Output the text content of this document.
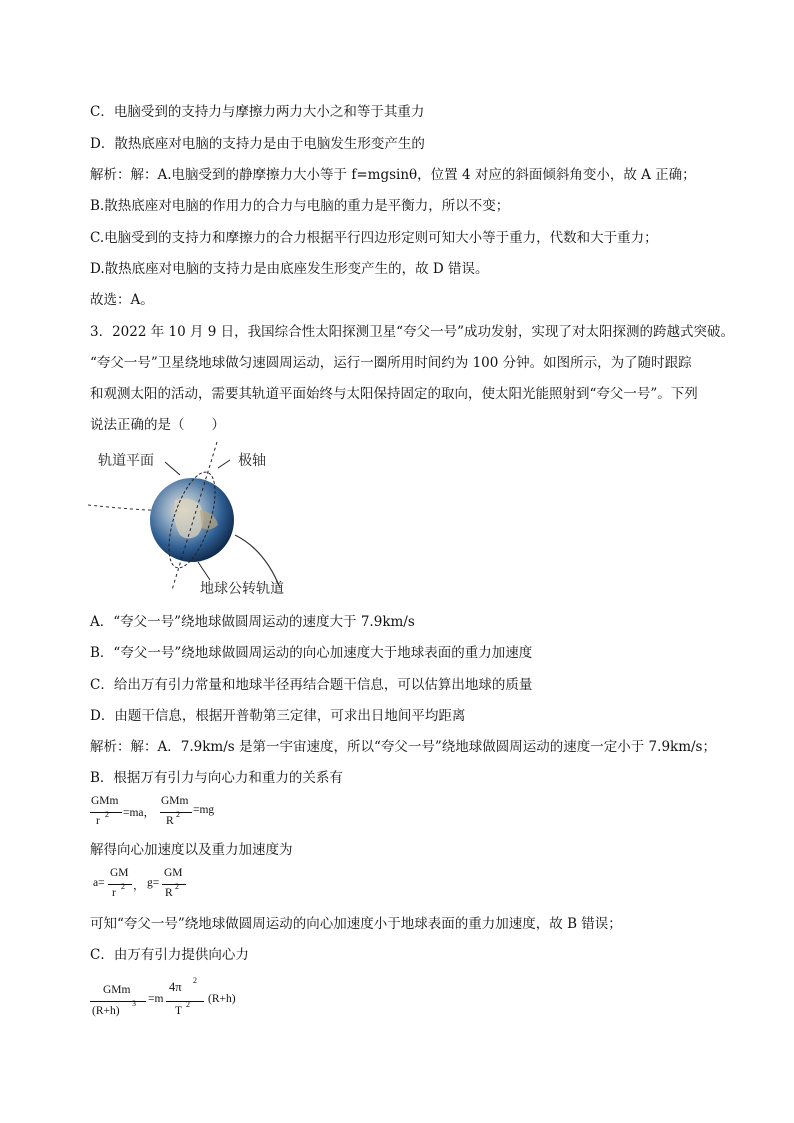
C．电脑受到的支持力与摩擦力两力大小之和等于其重力
D．散热底座对电脑的支持力是由于电脑发生形变产生的
解析：解：A.电脑受到的静摩擦力大小等于 f=mgsinθ，位置 4 对应的斜面倾斜角变小，故 A 正确；
B.散热底座对电脑的作用力的合力与电脑的重力是平衡力，所以不变；
C.电脑受到的支持力和摩擦力的合力根据平行四边形定则可知大小等于重力，代数和大于重力；
D.散热底座对电脑的支持力是由底座发生形变产生的，故 D 错误。
故选：A。
3．2022 年 10 月 9 日，我国综合性太阳探测卫星“夸父一号”成功发射，实现了对太阳探测的跨越式突破。
“夸父一号”卫星绕地球做匀速圆周运动，运行一圈所用时间约为 100 分钟。如图所示，为了随时跟踪
和观测太阳的活动，需要其轨道平面始终与太阳保持固定的取向，使太阳光能照射到“夸父一号”。下列
说法正确的是（　　）
轨道平面	极轴
地球公转轨道
A．“夸父一号”绕地球做圆周运动的速度大于 7.9km/s
B．“夸父一号”绕地球做圆周运动的向心加速度大于地球表面的重力加速度
C．给出万有引力常量和地球半径再结合题干信息，可以估算出地球的质量
D．由题干信息，根据开普勒第三定律，可求出日地间平均距离
解析：解：A．7.9km/s 是第一宇宙速度，所以“夸父一号”绕地球做圆周运动的速度一定小于 7.9km/s；
B．根据万有引力与向心力和重力的关系有
GMm
r
2 =ma，
GMm
R
2 =mg
解得向心加速度以及重力加速度为
a=
GM
r
2 ， g=
GM
R
2
可知“夸父一号”绕地球做圆周运动的向心加速度小于地球表面的重力加速度，故 B 错误；
C．由万有引力提供向心力
GMm
(R+h)
3 =m
4π 2
T
2 (R+h)
